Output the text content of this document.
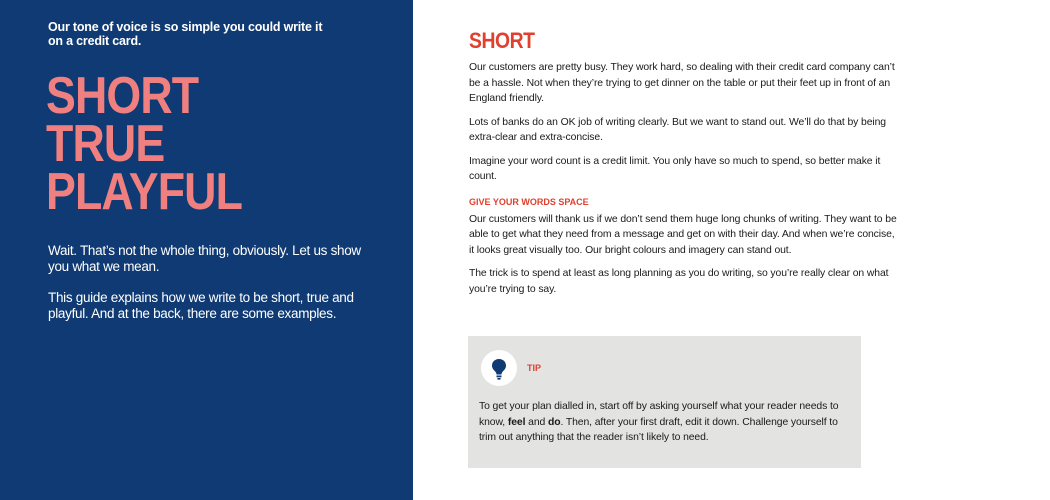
Our tone of voice is so simple you could write it on a credit card.
SHORT
TRUE
PLAYFUL
Wait. That’s not the whole thing, obviously. Let us show you what we mean.
This guide explains how we write to be short, true and playful. And at the back, there are some examples.
SHORT

Our customers are pretty busy. They work hard, so dealing with their credit card company can’t be a hassle. Not when they’re trying to get dinner on the table or put their feet up in front of an England friendly.

Lots of banks do an OK job of writing clearly. But we want to stand out. We’ll do that by being extra-clear and extra-concise.

Imagine your word count is a credit limit. You only have so much to spend, so better make it count.

GIVE YOUR WORDS SPACE

Our customers will thank us if we don’t send them huge long chunks of writing. They want to be able to get what they need from a message and get on with their day. And when we’re concise, it looks great visually too. Our bright colours and imagery can stand out.

The trick is to spend at least as long planning as you do writing, so you’re really clear on what you’re trying to say.

TIP
To get your plan dialled in, start off by asking yourself what your reader needs to know, feel and do. Then, after your first draft, edit it down. Challenge yourself to trim out anything that the reader isn’t likely to need.
